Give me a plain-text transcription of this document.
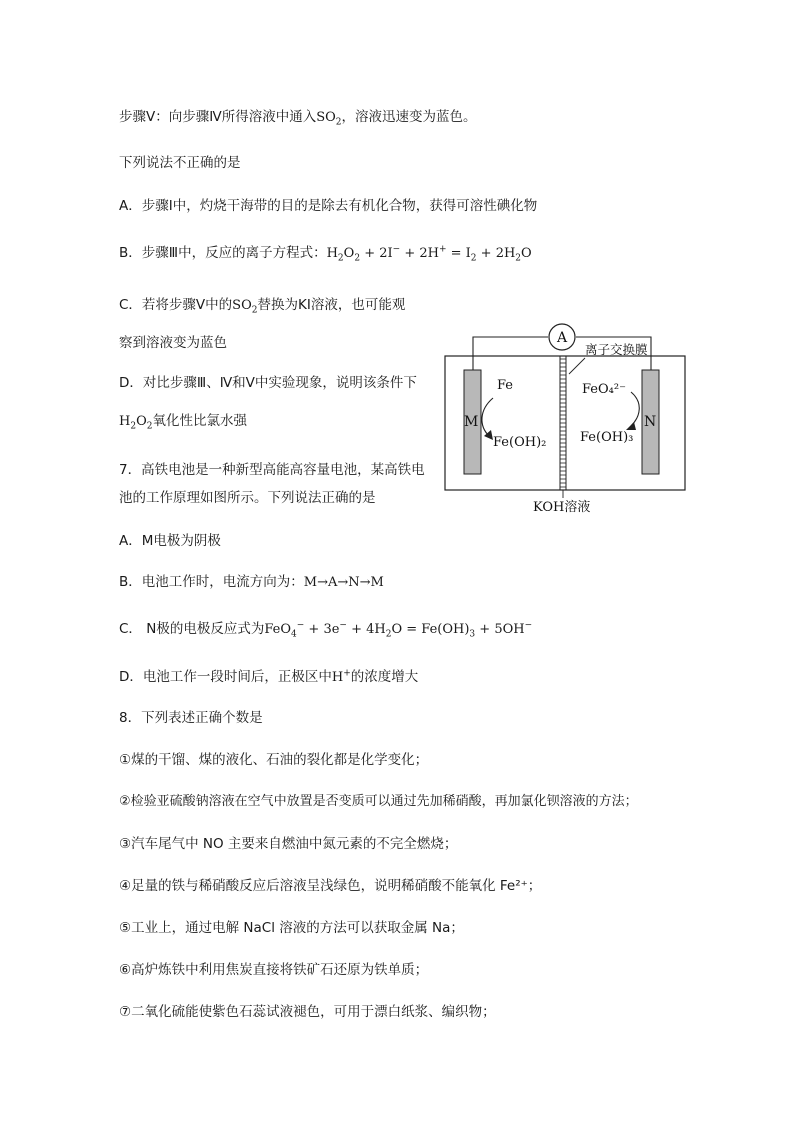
步骤Ⅴ：向步骤Ⅳ所得溶液中通入$SO_2$，溶液迅速变为蓝色。
下列说法不正确的是
A．步骤Ⅰ中，灼烧干海带的目的是除去有机化合物，获得可溶性碘化物
B．步骤Ⅲ中，反应的离子方程式：$H_2O_2 + 2I^- + 2H^+ = I_2 + 2H_2O$
C．若将步骤Ⅴ中的$SO_2$替换为KI溶液，也可能观
察到溶液变为蓝色
D．对比步骤Ⅲ、Ⅳ和Ⅴ中实验现象，说明该条件下
$H_2O_2$氧化性比氯水强
7．高铁电池是一种新型高能高容量电池，某高铁电
池的工作原理如图所示。下列说法正确的是
A．M电极为阴极
B．电池工作时，电流方向为：M→A→N→M
C． N极的电极反应式为$FeO_4^- + 3e^- + 4H_2O = Fe(OH)_3 + 5OH^-$
D．电池工作一段时间后，正极区中H+的浓度增大
8．下列表述正确个数是
①煤的干馏、煤的液化、石油的裂化都是化学变化；
②检验亚硫酸钠溶液在空气中放置是否变质可以通过先加稀硝酸，再加氯化钡溶液的方法；
③汽车尾气中 NO 主要来自燃油中氮元素的不完全燃烧；
④足量的铁与稀硝酸反应后溶液呈浅绿色，说明稀硝酸不能氧化 Fe²⁺；
⑤工业上，通过电解 NaCl 溶液的方法可以获取金属 Na；
⑥高炉炼铁中利用焦炭直接将铁矿石还原为铁单质；
⑦二氧化硫能使紫色石蕊试液褪色，可用于漂白纸浆、编织物；
A
离子交换膜
M	N
Fe
Fe(OH)₂
FeO₄²⁻
Fe(OH)₃
KOH溶液
